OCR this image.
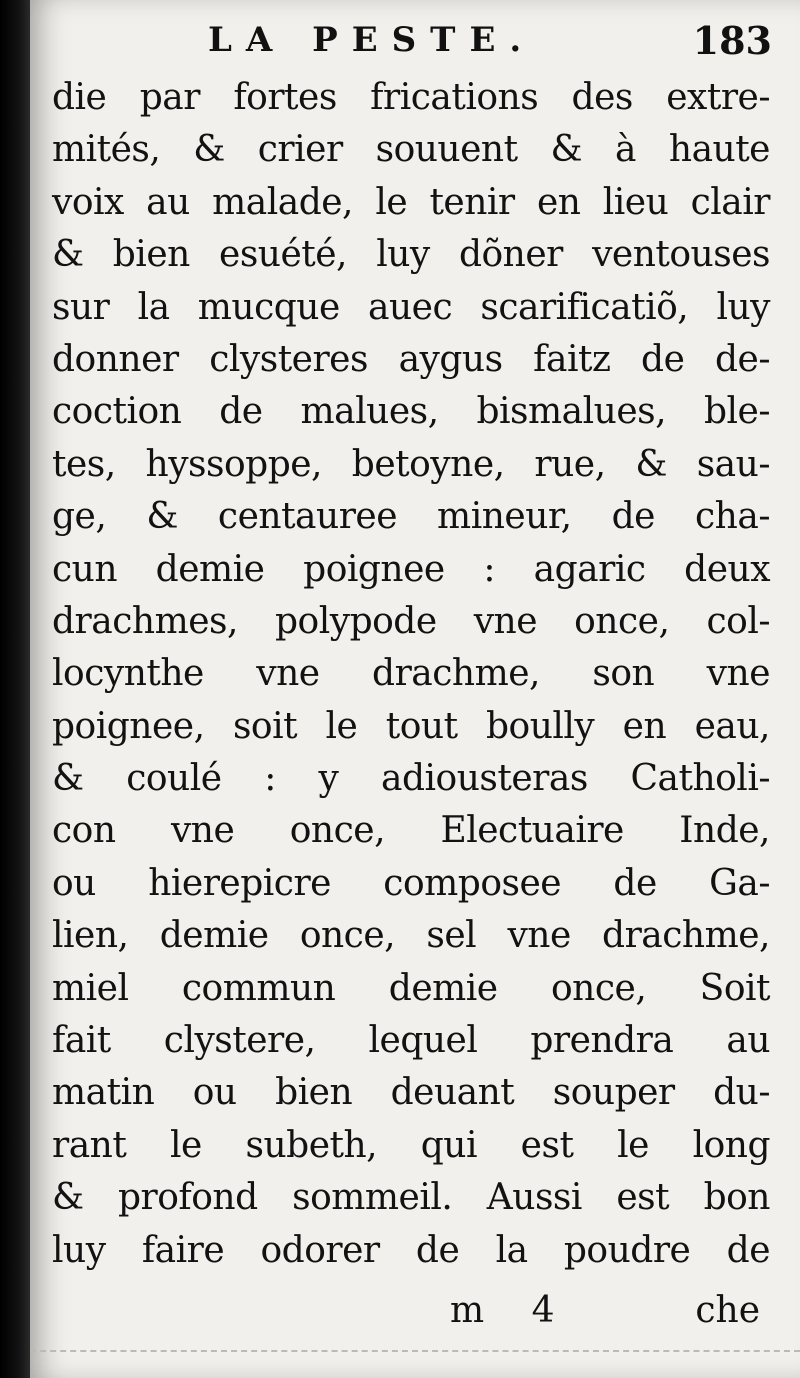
LA PESTE.	183
die par fortes frications des extre-
mités, & crier souuent & à haute
voix au malade, le tenir en lieu clair
& bien esuété, luy dõner ventouses
sur la mucque auec scarificatiõ, luy
donner clysteres aygus faitz de de-
coction de malues, bismalues, ble-
tes, hyssoppe, betoyne, rue, & sau-
ge, & centauree mineur, de cha-
cun demie poignee : agaric deux
drachmes, polypode vne once, col-
locynthe vne drachme, son vne
poignee, soit le tout boully en eau,
& coulé : y adiousteras Catholi-
con vne once, Electuaire Inde,
ou hierepicre composee de Ga-
lien, demie once, sel vne drachme,
miel commun demie once, Soit
fait clystere, lequel prendra au
matin ou bien deuant souper du-
rant le subeth, qui est le long
& profond sommeil. Aussi est bon
luy faire odorer de la poudre de
m 4	che
